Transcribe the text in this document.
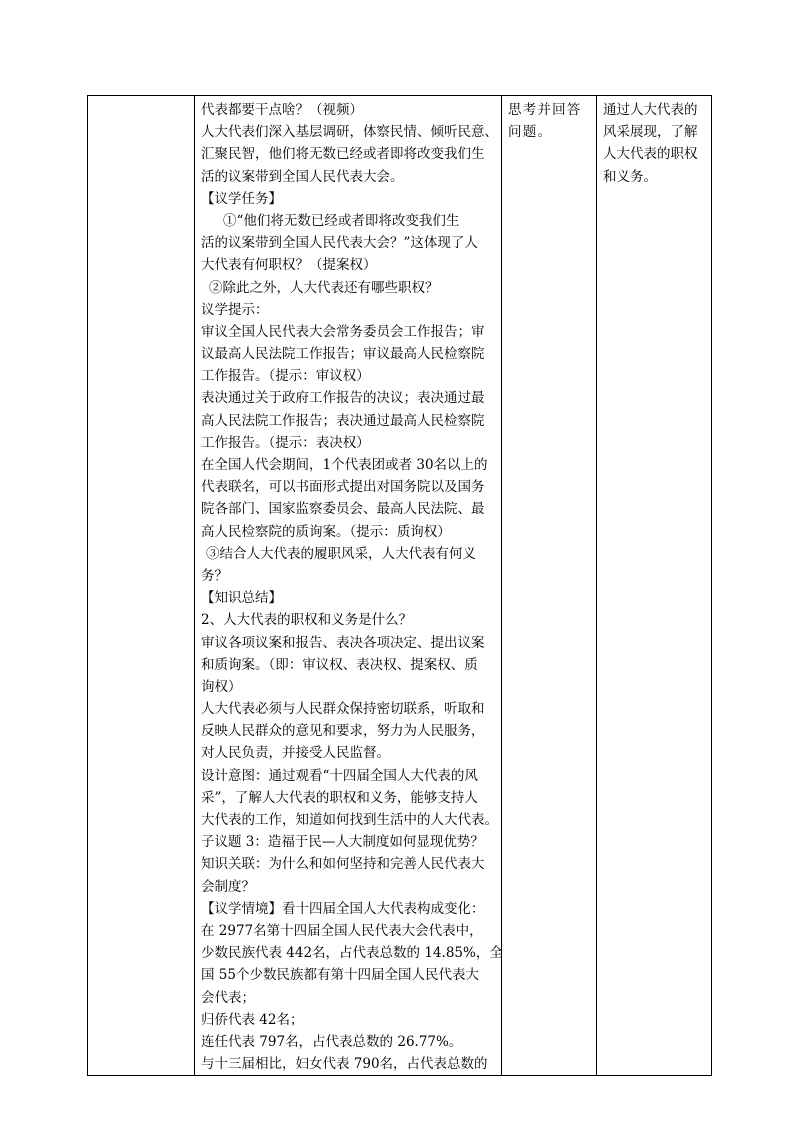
代表都要干点啥？（视频）
人大代表们深入基层调研，体察民情、倾听民意、
汇聚民智，他们将无数已经或者即将改变我们生
活的议案带到全国人民代表大会。
【议学任务】
①“他们将无数已经或者即将改变我们生
活的议案带到全国人民代表大会？”这体现了人
大代表有何职权？（提案权）
②除此之外，人大代表还有哪些职权？
议学提示：
审议全国人民代表大会常务委员会工作报告；审
议最高人民法院工作报告；审议最高人民检察院
工作报告。（提示：审议权）
表决通过关于政府工作报告的决议；表决通过最
高人民法院工作报告；表决通过最高人民检察院
工作报告。（提示：表决权）
在全国人代会期间，1个代表团或者 30名以上的
代表联名，可以书面形式提出对国务院以及国务
院各部门、国家监察委员会、最高人民法院、最
高人民检察院的质询案。（提示：质询权）
③结合人大代表的履职风采，人大代表有何义
务？
【知识总结】
2、人大代表的职权和义务是什么？
审议各项议案和报告、表决各项决定、提出议案
和质询案。（即：审议权、表决权、提案权、质
询权）
人大代表必须与人民群众保持密切联系，听取和
反映人民群众的意见和要求，努力为人民服务，
对人民负责，并接受人民监督。
设计意图：通过观看“十四届全国人大代表的风
采”，了解人大代表的职权和义务，能够支持人
大代表的工作，知道如何找到生活中的人大代表。
子议题 3：造福于民—人大制度如何显现优势？
知识关联：为什么和如何坚持和完善人民代表大
会制度？
【议学情境】看十四届全国人大代表构成变化：
在 2977名第十四届全国人民代表大会代表中，
少数民族代表 442名，占代表总数的 14.85%，全
国 55个少数民族都有第十四届全国人民代表大
会代表；
归侨代表 42名；
连任代表 797名，占代表总数的 26.77%。
与十三届相比，妇女代表 790名，占代表总数的

思考并回答
问题。

通过人大代表的
风采展现，了解
人大代表的职权
和义务。
